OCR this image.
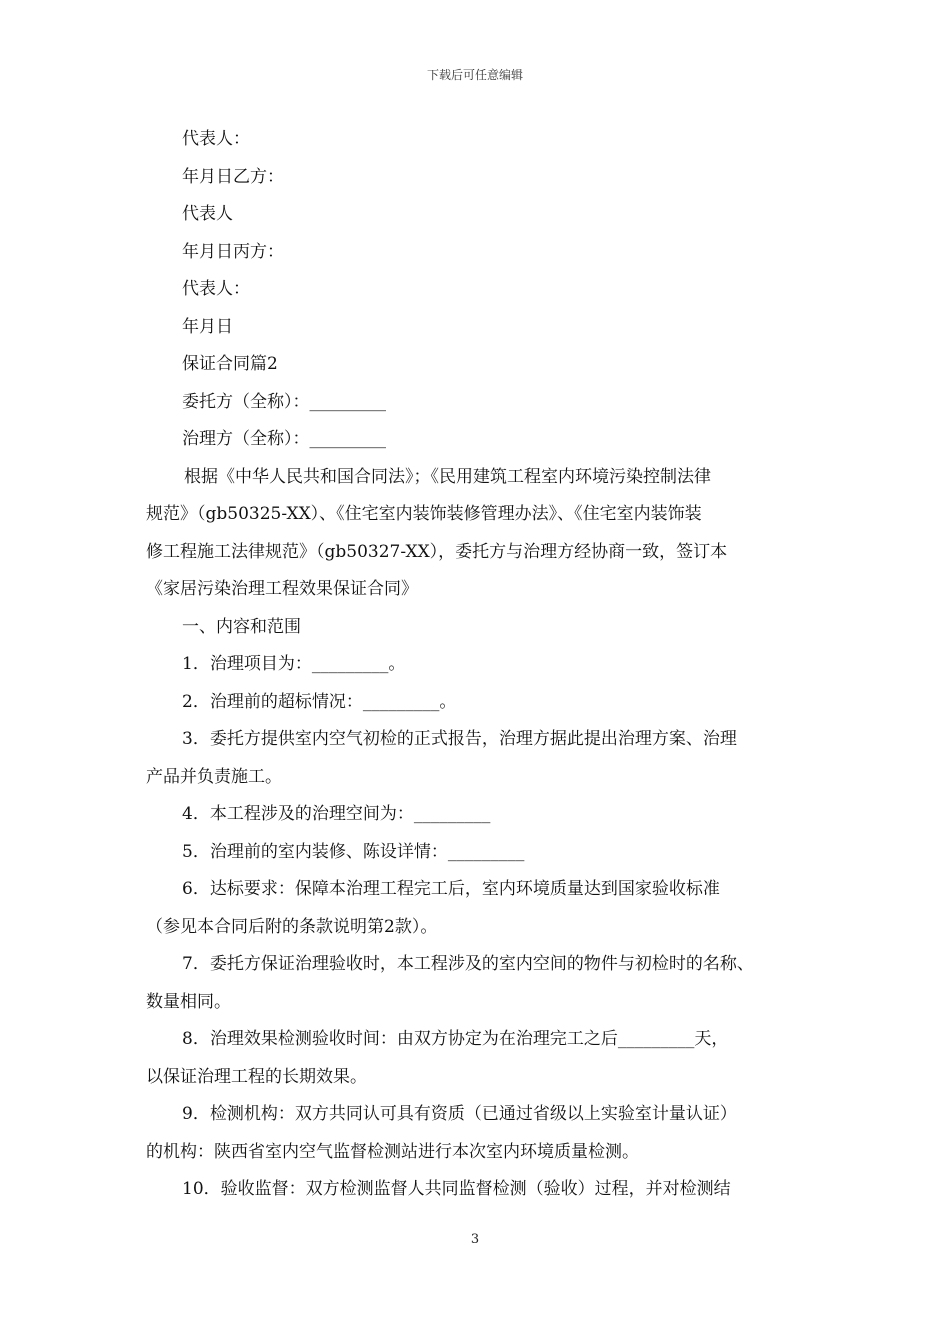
下载后可任意编辑
代表人：
年月日乙方：
代表人
年月日丙方：
代表人：
年月日
保证合同篇2
委托方（全称）：_________
治理方（全称）：_________
根据《中华人民共和国合同法》；《民用建筑工程室内环境污染控制法律
规范》（gb50325-XX）、《住宅室内装饰装修管理办法》、《住宅室内装饰装
修工程施工法律规范》（gb50327-XX），委托方与治理方经协商一致，签订本
《家居污染治理工程效果保证合同》
一、内容和范围
1．治理项目为：_________。
2．治理前的超标情况：_________。
3．委托方提供室内空气初检的正式报告，治理方据此提出治理方案、治理
产品并负责施工。
4．本工程涉及的治理空间为：_________
5．治理前的室内装修、陈设详情：_________
6．达标要求：保障本治理工程完工后，室内环境质量达到国家验收标准
（参见本合同后附的条款说明第2款）。
7．委托方保证治理验收时，本工程涉及的室内空间的物件与初检时的名称、
数量相同。
8．治理效果检测验收时间：由双方协定为在治理完工之后_________天，
以保证治理工程的长期效果。
9．检测机构：双方共同认可具有资质（已通过省级以上实验室计量认证）
的机构：陕西省室内空气监督检测站进行本次室内环境质量检测。
10．验收监督：双方检测监督人共同监督检测（验收）过程，并对检测结
3
